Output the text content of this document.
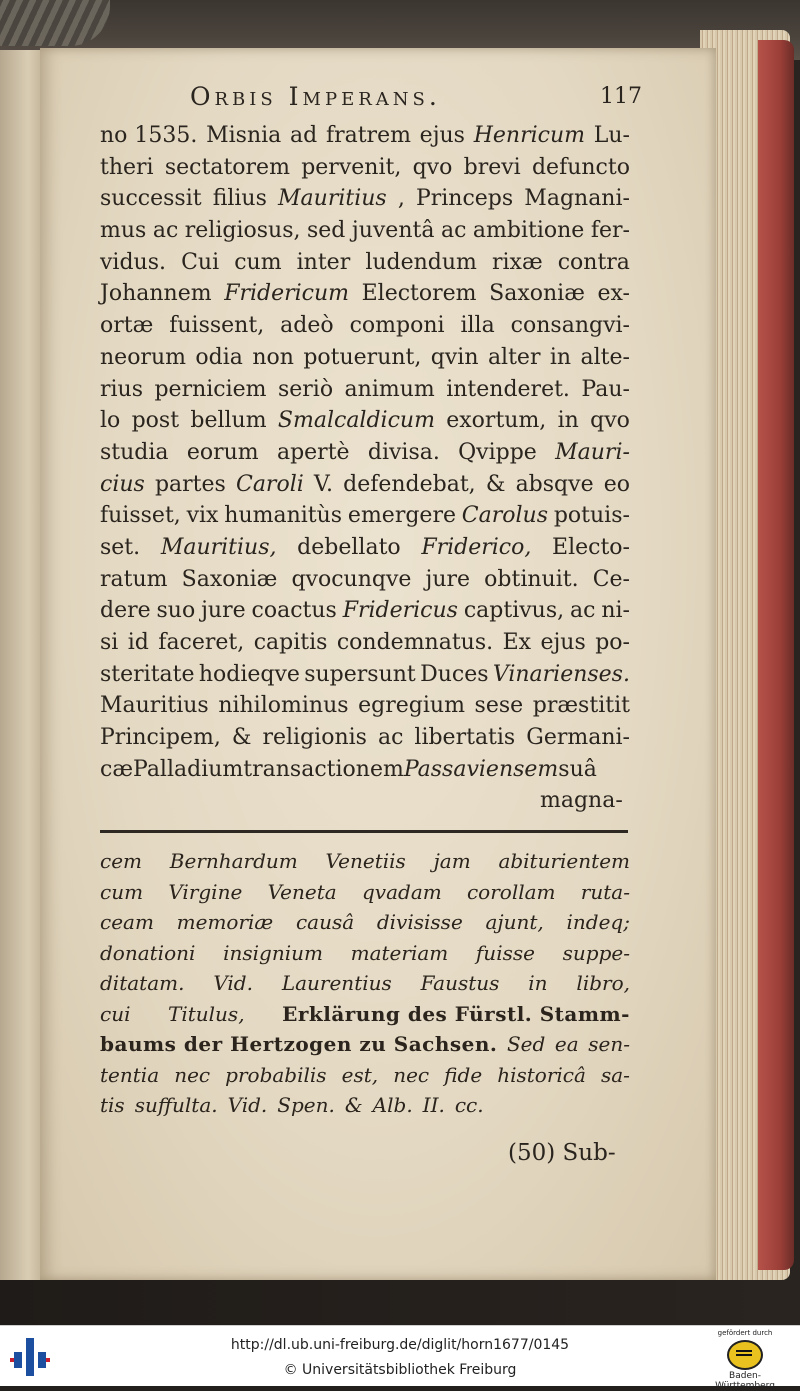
Orbis Imperans.	117
no 1535. Misnia ad fratrem ejus Henricum Lu-
theri sectatorem pervenit, qvo brevi defuncto
successit filius Mauritius , Princeps Magnani-
mus ac religiosus, sed juventâ ac ambitione fer-
vidus. Cui cum inter ludendum rixæ contra
Johannem Fridericum Electorem Saxoniæ ex-
ortæ fuissent, adeò componi illa consangvi-
neorum odia non potuerunt, qvin alter in alte-
rius perniciem seriò animum intenderet. Pau-
lo post bellum Smalcaldicum exortum, in qvo
studia eorum apertè divisa. Qvippe Mauri-
cius partes Caroli V. defendebat, & absqve eo
fuisset, vix humanitùs emergere Carolus potuis-
set. Mauritius, debellato Friderico, Electo-
ratum Saxoniæ qvocunqve jure obtinuit. Ce-
dere suo jure coactus Fridericus captivus, ac ni-
si id faceret, capitis condemnatus. Ex ejus po-
steritate hodieqve supersunt Duces Vinarienses.
Mauritius nihilominus egregium sese præstitit
Principem, & religionis ac libertatis Germani-
cæ Palladium transactionem Passaviensem suâ
magna-
cem Bernhardum Venetiis jam abiturientem
cum Virgine Veneta qvadam corollam ruta-
ceam memoriæ causâ divisisse ajunt, indeq;
donationi insignium materiam fuisse suppe-
ditatam. Vid. Laurentius Faustus in libro,
cui Titulus, Erklärung des Fürstl. Stamm-
baums der Hertzogen zu Sachsen. Sed ea sen-
tentia nec probabilis est, nec fide historicâ sa-
tis suffulta. Vid. Spen. & Alb. II. cc.
(50) Sub-
http://dl.ub.uni-freiburg.de/diglit/horn1677/0145
© Universitätsbibliothek Freiburg
gefördert durch
Baden-Württemberg
